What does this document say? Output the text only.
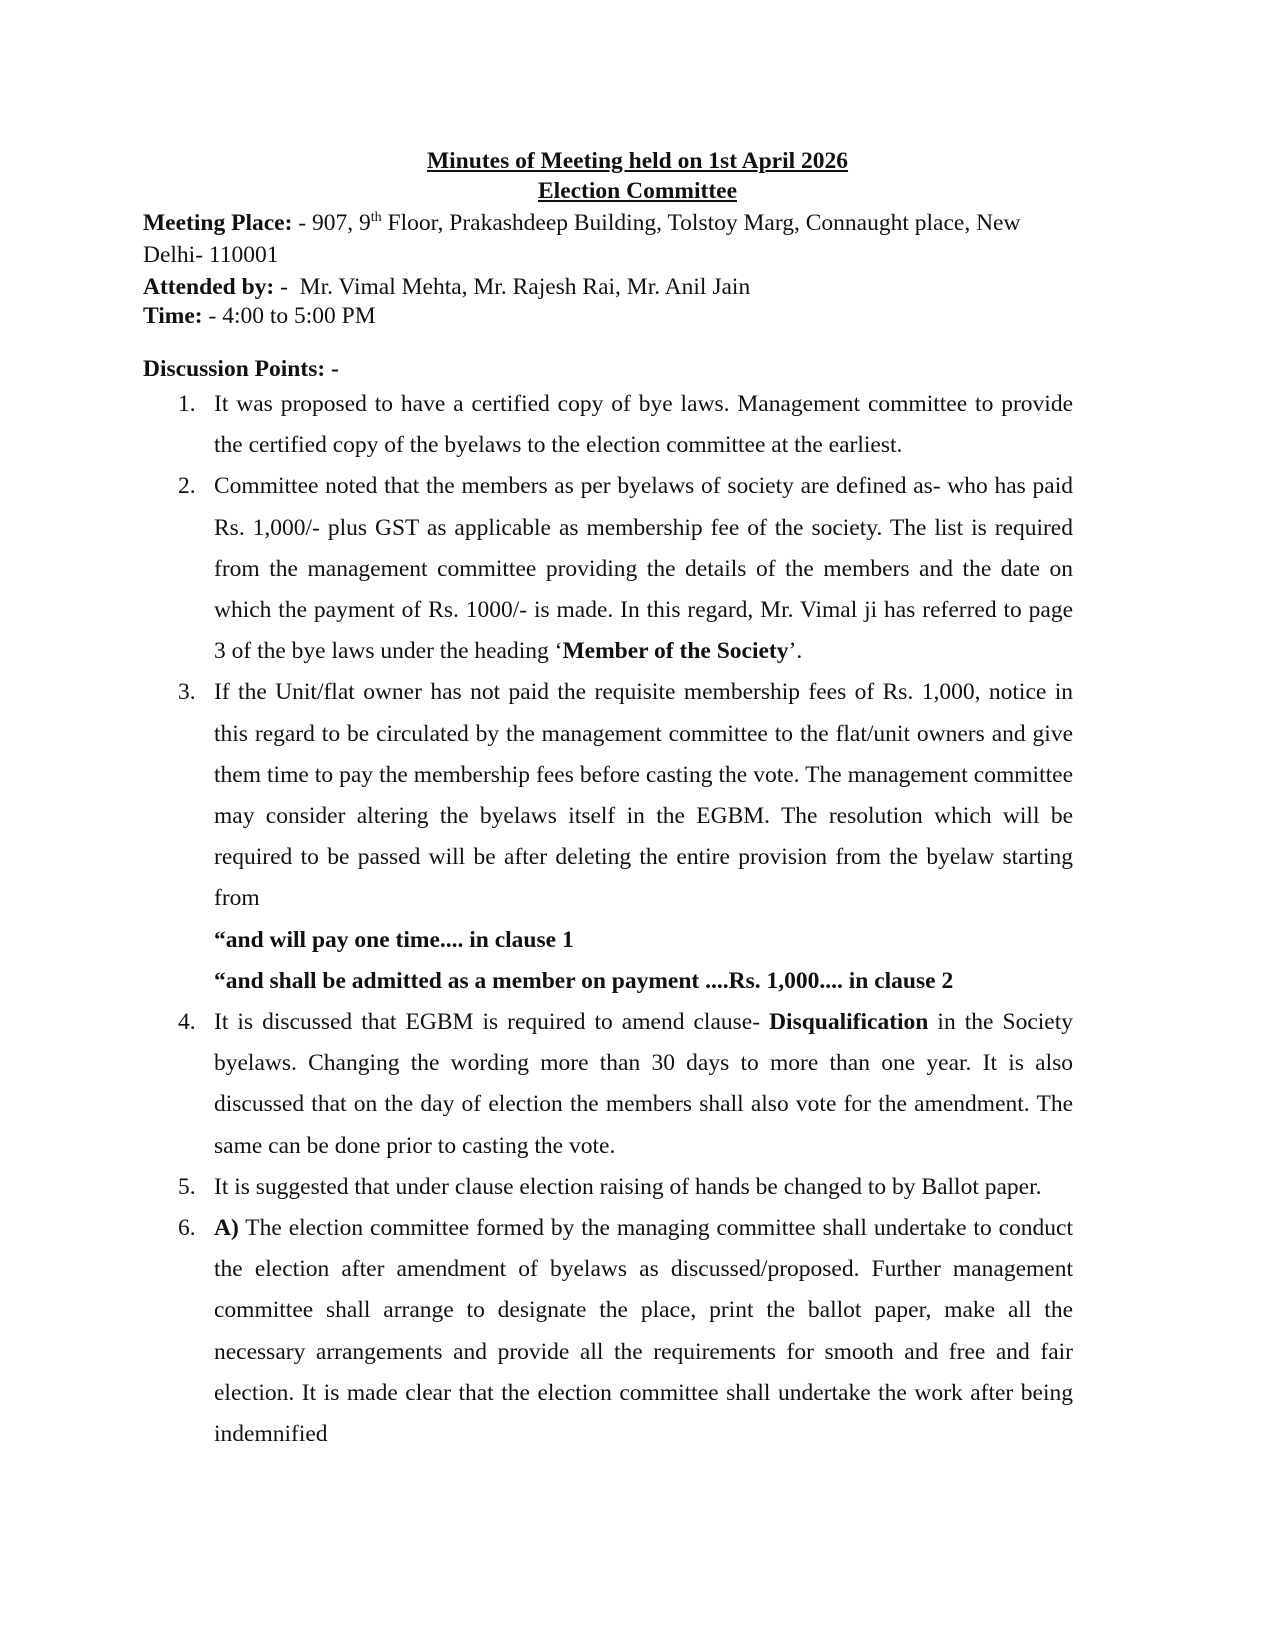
Minutes of Meeting held on 1st April 2026
Election Committee
Meeting Place: - 907, 9th Floor, Prakashdeep Building, Tolstoy Marg, Connaught place, New Delhi- 110001
Attended by: -  Mr. Vimal Mehta, Mr. Rajesh Rai, Mr. Anil Jain
Time: - 4:00 to 5:00 PM
Discussion Points: -
1. It was proposed to have a certified copy of bye laws. Management committee to provide the certified copy of the byelaws to the election committee at the earliest.
2. Committee noted that the members as per byelaws of society are defined as- who has paid Rs. 1,000/- plus GST as applicable as membership fee of the society. The list is required from the management committee providing the details of the members and the date on which the payment of Rs. 1000/- is made. In this regard, Mr. Vimal ji has referred to page 3 of the bye laws under the heading ‘Member of the Society’.
3. If the Unit/flat owner has not paid the requisite membership fees of Rs. 1,000, notice in this regard to be circulated by the management committee to the flat/unit owners and give them time to pay the membership fees before casting the vote. The management committee may consider altering the byelaws itself in the EGBM. The resolution which will be required to be passed will be after deleting the entire provision from the byelaw starting from
“and will pay one time.... in clause 1
“and shall be admitted as a member on payment ....Rs. 1,000.... in clause 2
4. It is discussed that EGBM is required to amend clause- Disqualification in the Society byelaws. Changing the wording more than 30 days to more than one year. It is also discussed that on the day of election the members shall also vote for the amendment. The same can be done prior to casting the vote.
5. It is suggested that under clause election raising of hands be changed to by Ballot paper.
6. A) The election committee formed by the managing committee shall undertake to conduct the election after amendment of byelaws as discussed/proposed. Further management committee shall arrange to designate the place, print the ballot paper, make all the necessary arrangements and provide all the requirements for smooth and free and fair election. It is made clear that the election committee shall undertake the work after being indemnified
